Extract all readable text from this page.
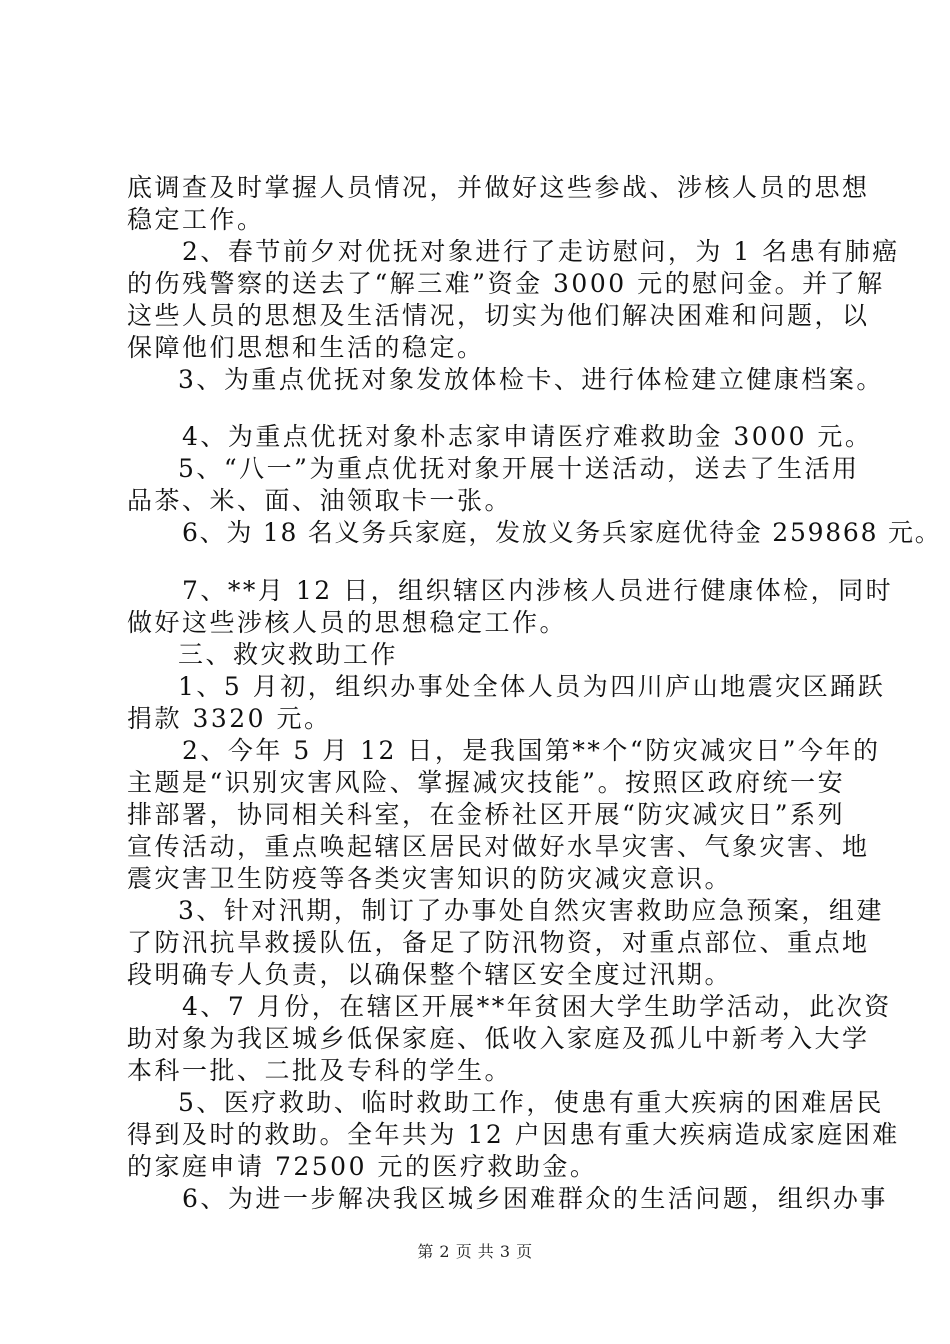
底调查及时掌握人员情况，并做好这些参战、涉核人员的思想
稳定工作。
2、春节前夕对优抚对象进行了走访慰问，为 1 名患有肺癌
的伤残警察的送去了“解三难”资金 3000 元的慰问金。并了解
这些人员的思想及生活情况，切实为他们解决困难和问题，以
保障他们思想和生活的稳定。
3、为重点优抚对象发放体检卡、进行体检建立健康档案。
4、为重点优抚对象朴志家申请医疗难救助金 3000 元。
5、“八一”为重点优抚对象开展十送活动，送去了生活用
品茶、米、面、油领取卡一张。
6、为 18 名义务兵家庭，发放义务兵家庭优待金 259868 元。
7、**月 12 日，组织辖区内涉核人员进行健康体检，同时
做好这些涉核人员的思想稳定工作。
三、救灾救助工作
1、5 月初，组织办事处全体人员为四川庐山地震灾区踊跃
捐款 3320 元。
2、今年 5 月 12 日，是我国第**个“防灾减灾日”今年的
主题是“识别灾害风险、掌握减灾技能”。按照区政府统一安
排部署，协同相关科室，在金桥社区开展“防灾减灾日”系列
宣传活动，重点唤起辖区居民对做好水旱灾害、气象灾害、地
震灾害卫生防疫等各类灾害知识的防灾减灾意识。
3、针对汛期，制订了办事处自然灾害救助应急预案，组建
了防汛抗旱救援队伍，备足了防汛物资，对重点部位、重点地
段明确专人负责，以确保整个辖区安全度过汛期。
4、7 月份，在辖区开展**年贫困大学生助学活动，此次资
助对象为我区城乡低保家庭、低收入家庭及孤儿中新考入大学
本科一批、二批及专科的学生。
5、医疗救助、临时救助工作，使患有重大疾病的困难居民
得到及时的救助。全年共为 12 户因患有重大疾病造成家庭困难
的家庭申请 72500 元的医疗救助金。
6、为进一步解决我区城乡困难群众的生活问题，组织办事
第 2 页 共 3 页
